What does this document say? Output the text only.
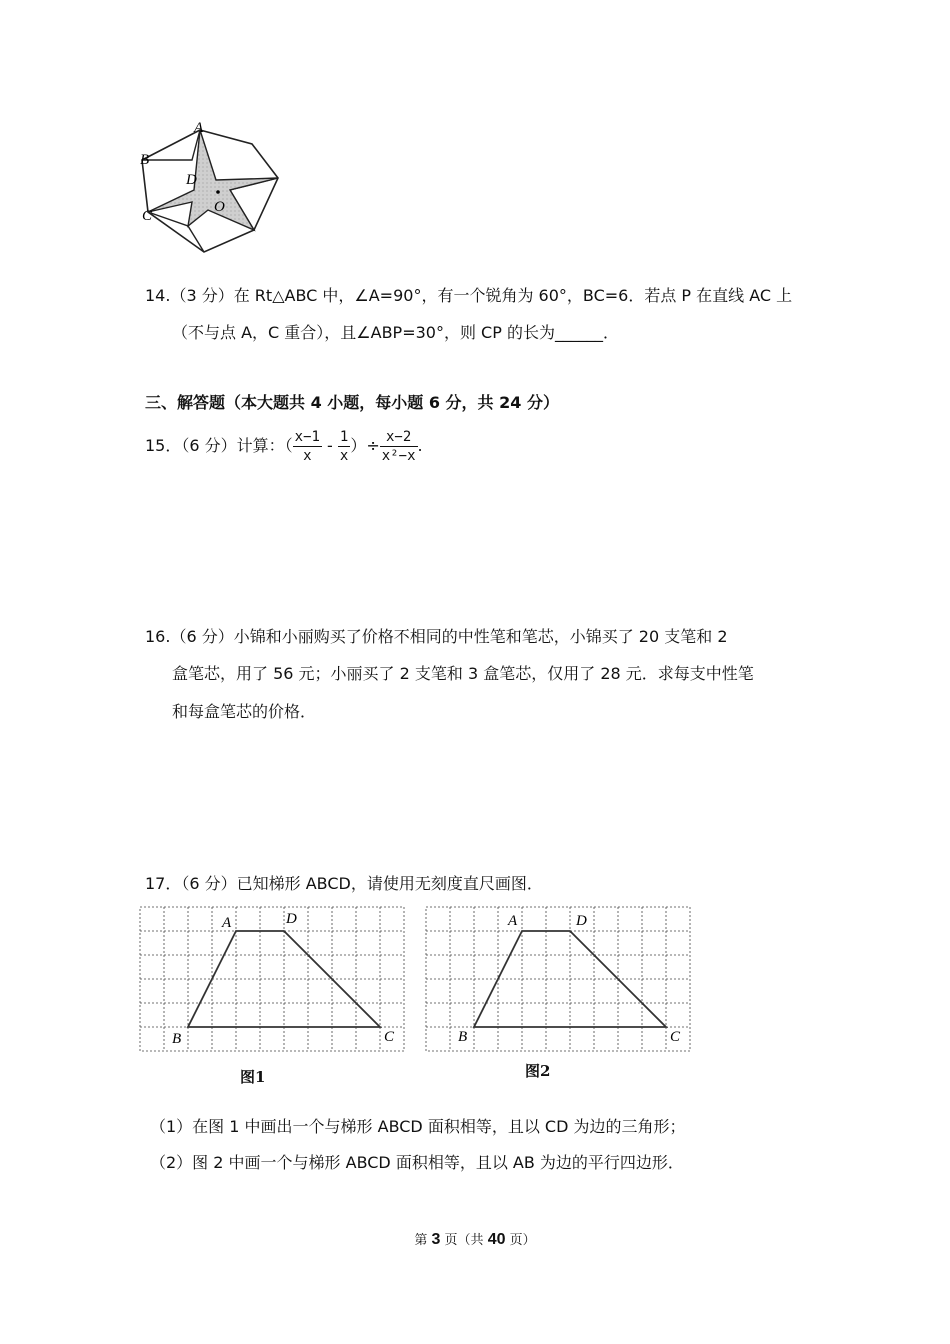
A
B
C
D
O
14.（3 分）在 Rt△ABC 中，∠A=90°，有一个锐角为 60°，BC=6．若点 P 在直线 AC 上
（不与点 A，C 重合），且∠ABP=30°，则 CP 的长为______．
三、解答题（本大题共 4 小题，每小题 6 分，共 24 分）
15．（6 分）计算：（ $\frac{x-1}{x} - \frac{1}{x}$ ）÷ $\frac{x-2}{\text{x²−x}}$ .
16.（6 分）小锦和小丽购买了价格不相同的中性笔和笔芯，小锦买了 20 支笔和 2
盒笔芯，用了 56 元；小丽买了 2 支笔和 3 盒笔芯，仅用了 28 元．求每支中性笔
和每盒笔芯的价格．
17．（6 分）已知梯形 ABCD，请使用无刻度直尺画图．
A	D
B	C
A	D
B	C
图1	图2
（1）在图 1 中画出一个与梯形 ABCD 面积相等，且以 CD 为边的三角形；
（2）图 2 中画一个与梯形 ABCD 面积相等，且以 AB 为边的平行四边形．
第 3 页（共 40 页）
